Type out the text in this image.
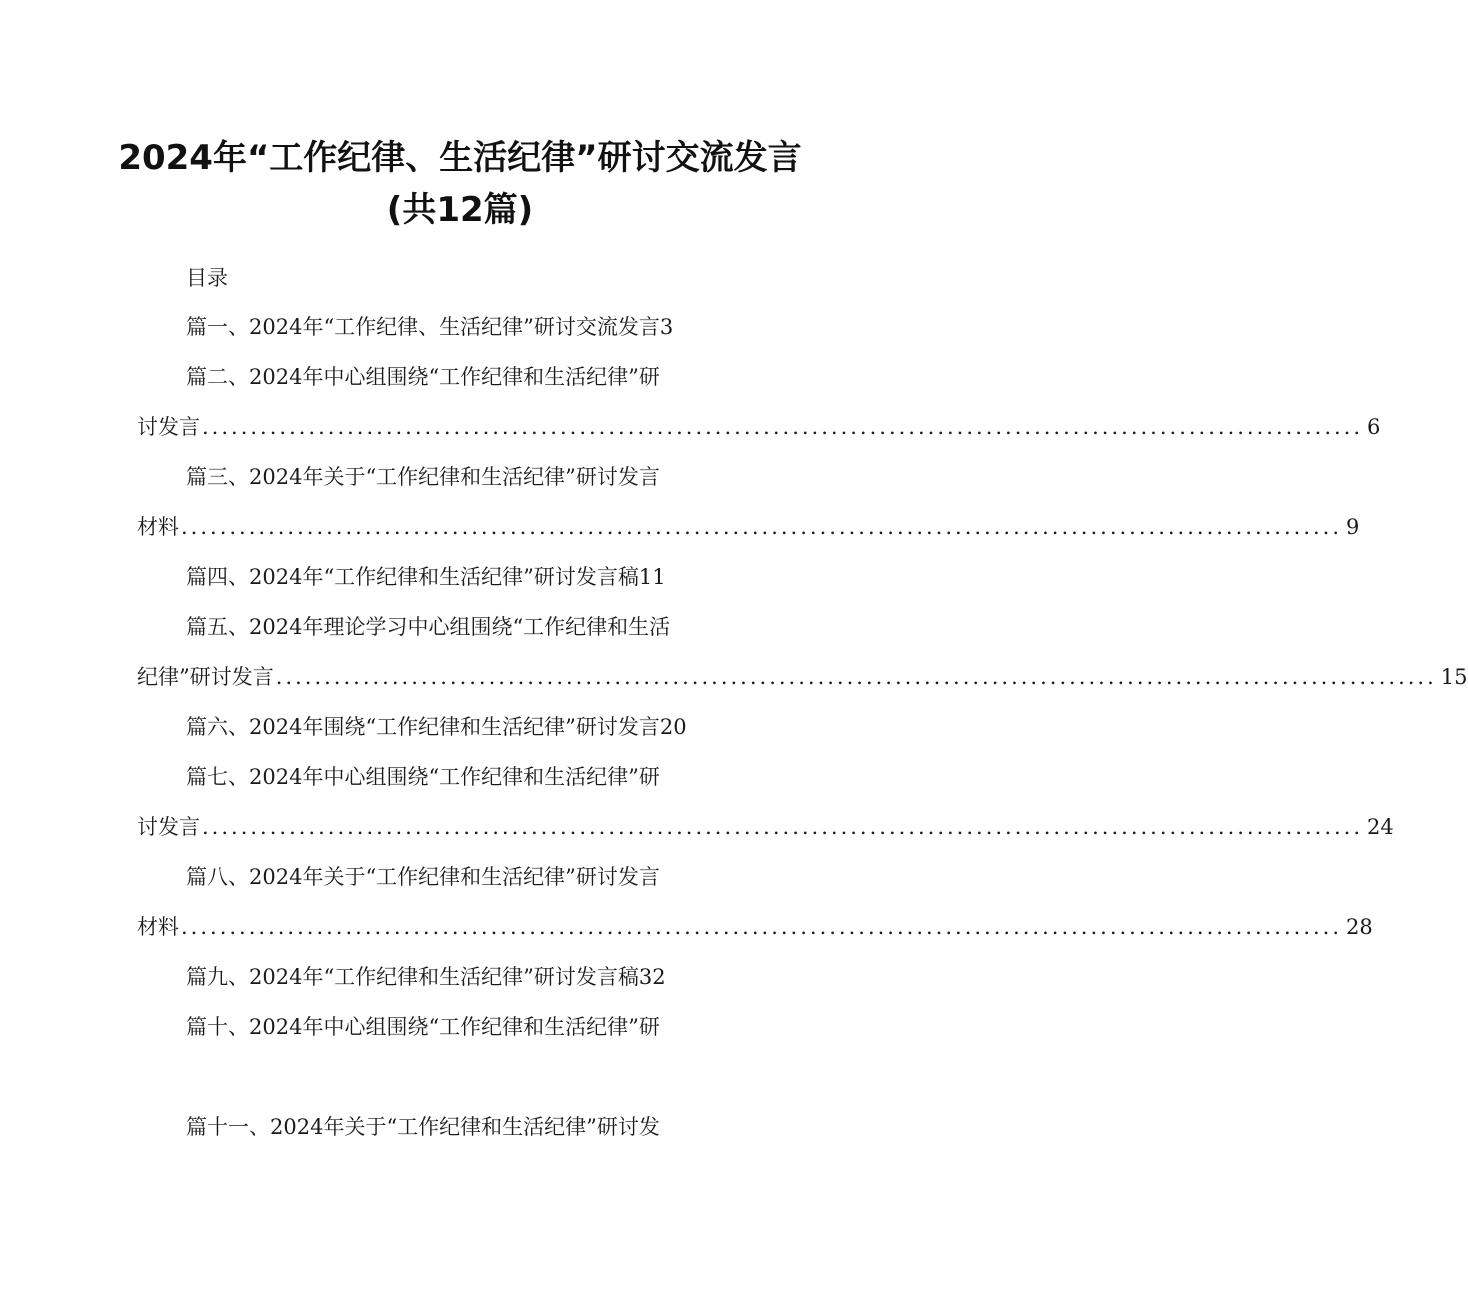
2024年“工作纪律、生活纪律”研讨交流发言
(共12篇)
目录
篇一、2024年“工作纪律、生活纪律”研讨交流发言3
篇二、2024年中心组围绕“工作纪律和生活纪律”研
讨发言 ........................................................................................................................ 6
篇三、2024年关于“工作纪律和生活纪律”研讨发言
材料 ........................................................................................................................ 9
篇四、2024年“工作纪律和生活纪律”研讨发言稿11
篇五、2024年理论学习中心组围绕“工作纪律和生活
纪律”研讨发言 ........................................................................................................................ 15
篇六、2024年围绕“工作纪律和生活纪律”研讨发言20
篇七、2024年中心组围绕“工作纪律和生活纪律”研
讨发言 ........................................................................................................................ 24
篇八、2024年关于“工作纪律和生活纪律”研讨发言
材料 ........................................................................................................................ 28
篇九、2024年“工作纪律和生活纪律”研讨发言稿32
篇十、2024年中心组围绕“工作纪律和生活纪律”研
篇十一、2024年关于“工作纪律和生活纪律”研讨发
